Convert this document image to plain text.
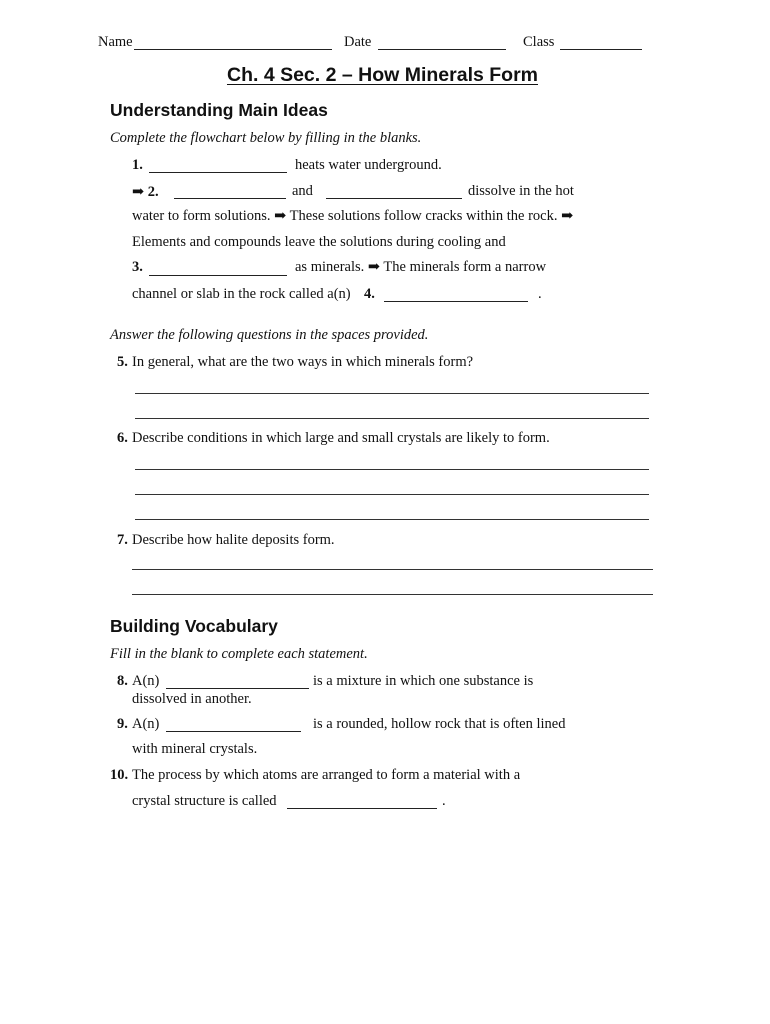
Name	Date	Class
Ch. 4 Sec. 2 – How Minerals Form
Understanding Main Ideas
Complete the flowchart below by filling in the blanks.
1.	heats water underground.
➡ 2.	and	dissolve in the hot
water to form solutions. ➡ These solutions follow cracks within the rock. ➡
Elements and compounds leave the solutions during cooling and
3.	as minerals. ➡ The minerals form a narrow
channel or slab in the rock called a(n) 4.	.
Answer the following questions in the spaces provided.
5. In general, what are the two ways in which minerals form?
6. Describe conditions in which large and small crystals are likely to form.
7. Describe how halite deposits form.
Building Vocabulary
Fill in the blank to complete each statement.
8. A(n)	is a mixture in which one substance is
dissolved in another.
9. A(n)	is a rounded, hollow rock that is often lined
with mineral crystals.
10. The process by which atoms are arranged to form a material with a
crystal structure is called	.
